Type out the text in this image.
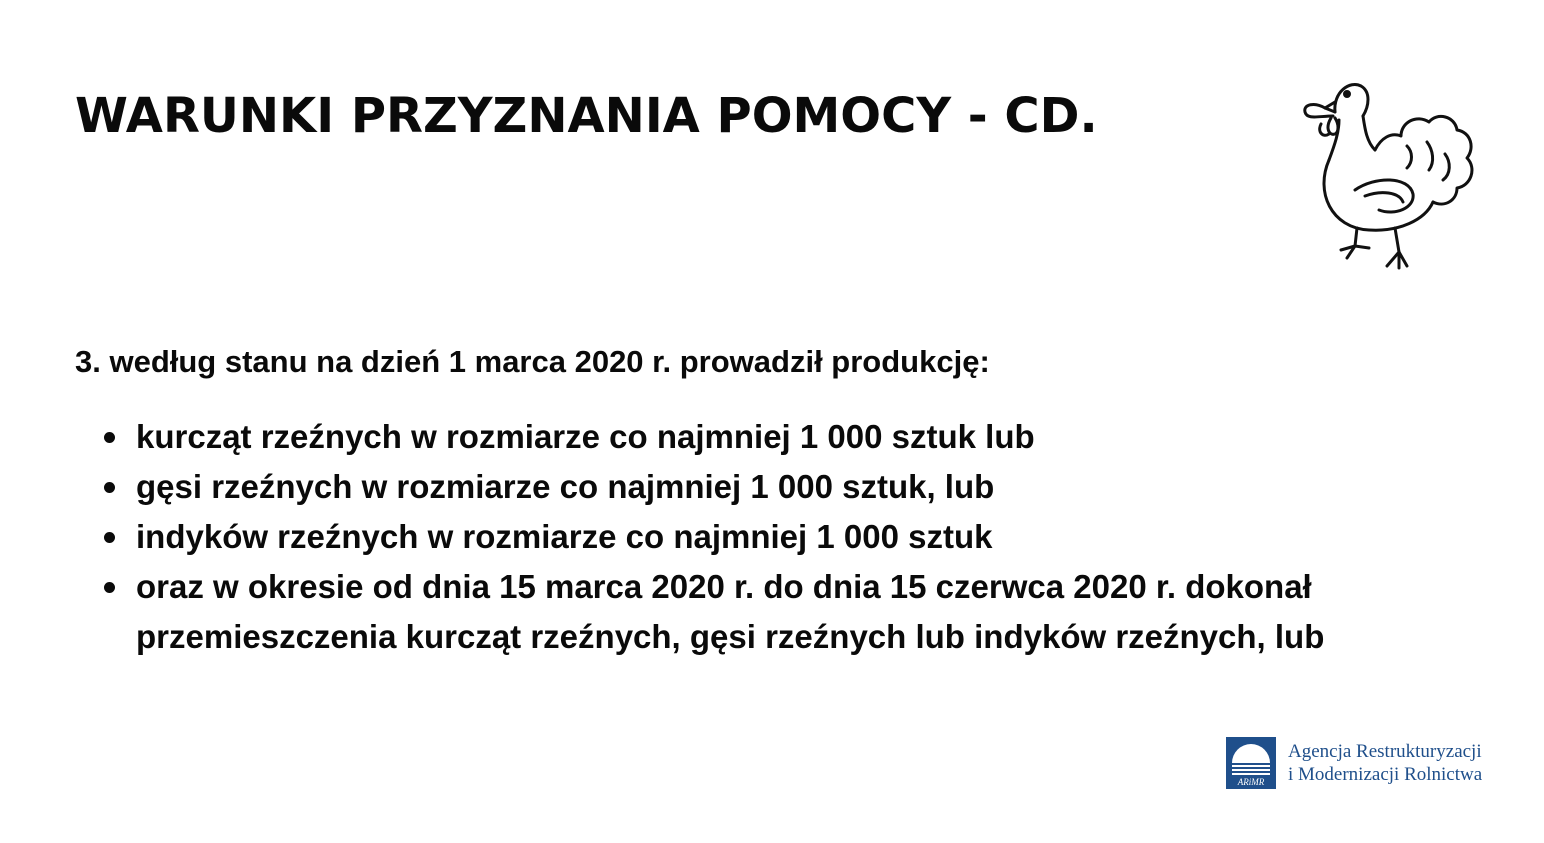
WARUNKI PRZYZNANIA POMOCY - CD.

3. według stanu na dzień 1 marca 2020 r. prowadził produkcję:

kurcząt rzeźnych w rozmiarze co najmniej 1 000 sztuk lub
gęsi rzeźnych w rozmiarze co najmniej 1 000 sztuk, lub
indyków rzeźnych w rozmiarze co najmniej 1 000 sztuk
oraz w okresie od dnia 15 marca 2020 r. do dnia 15 czerwca 2020 r. dokonał przemieszczenia kurcząt rzeźnych, gęsi rzeźnych lub indyków rzeźnych, lub
ARiMR
Agencja Restrukturyzacji
i Modernizacji Rolnictwa
